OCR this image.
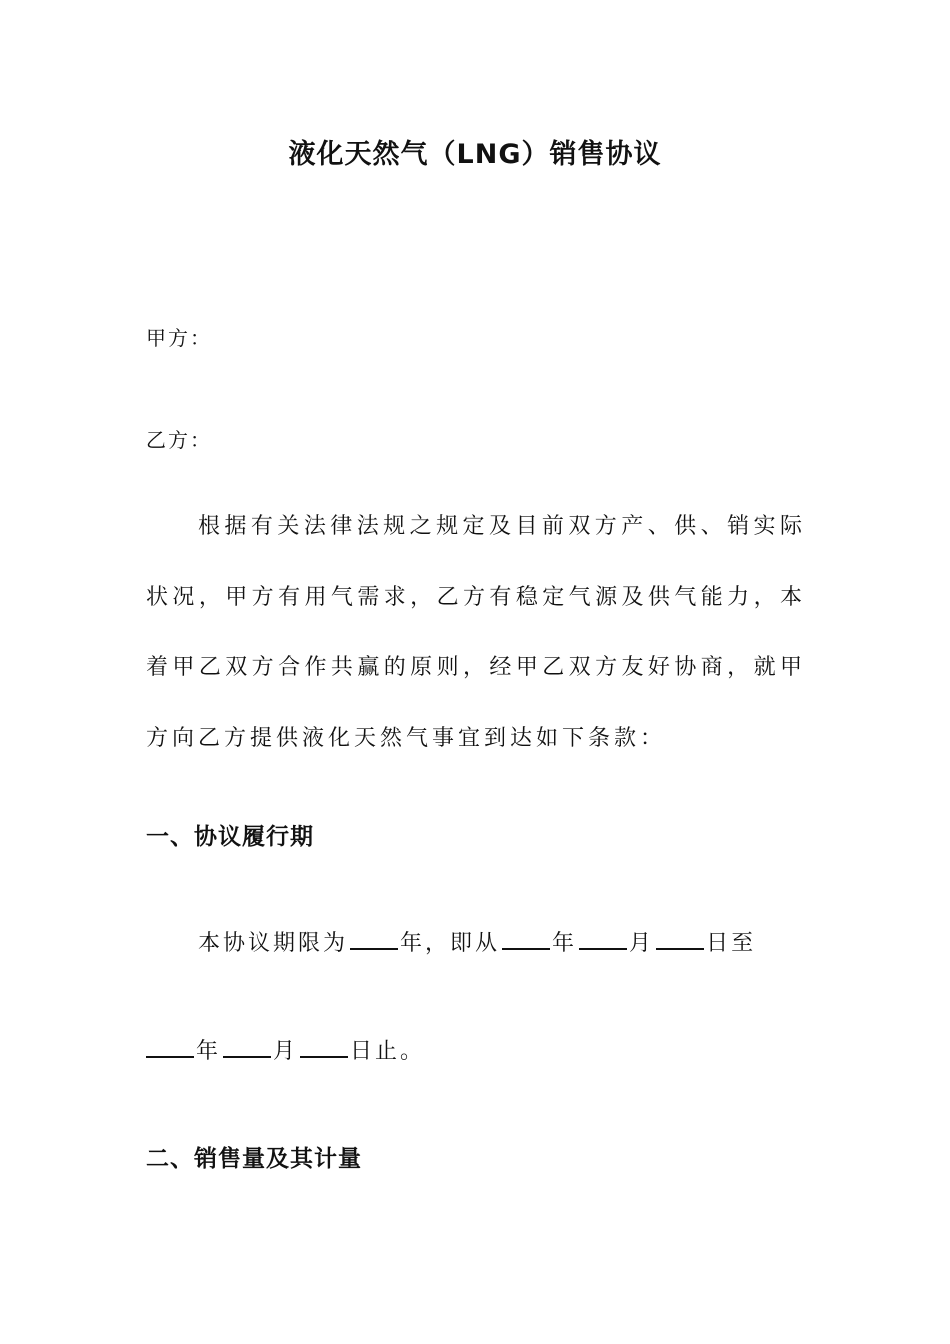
液化天然气（LNG）销售协议
甲方：
乙方：
根据有关法律法规之规定及目前双方产、供、销实际状况，甲方有用气需求，乙方有稳定气源及供气能力，本着甲乙双方合作共赢的原则，经甲乙双方友好协商，就甲方向乙方提供液化天然气事宜到达如下条款：
一、协议履行期
本协议期限为 年，即从 年 月 日至
年 月 日止。
二、销售量及其计量
